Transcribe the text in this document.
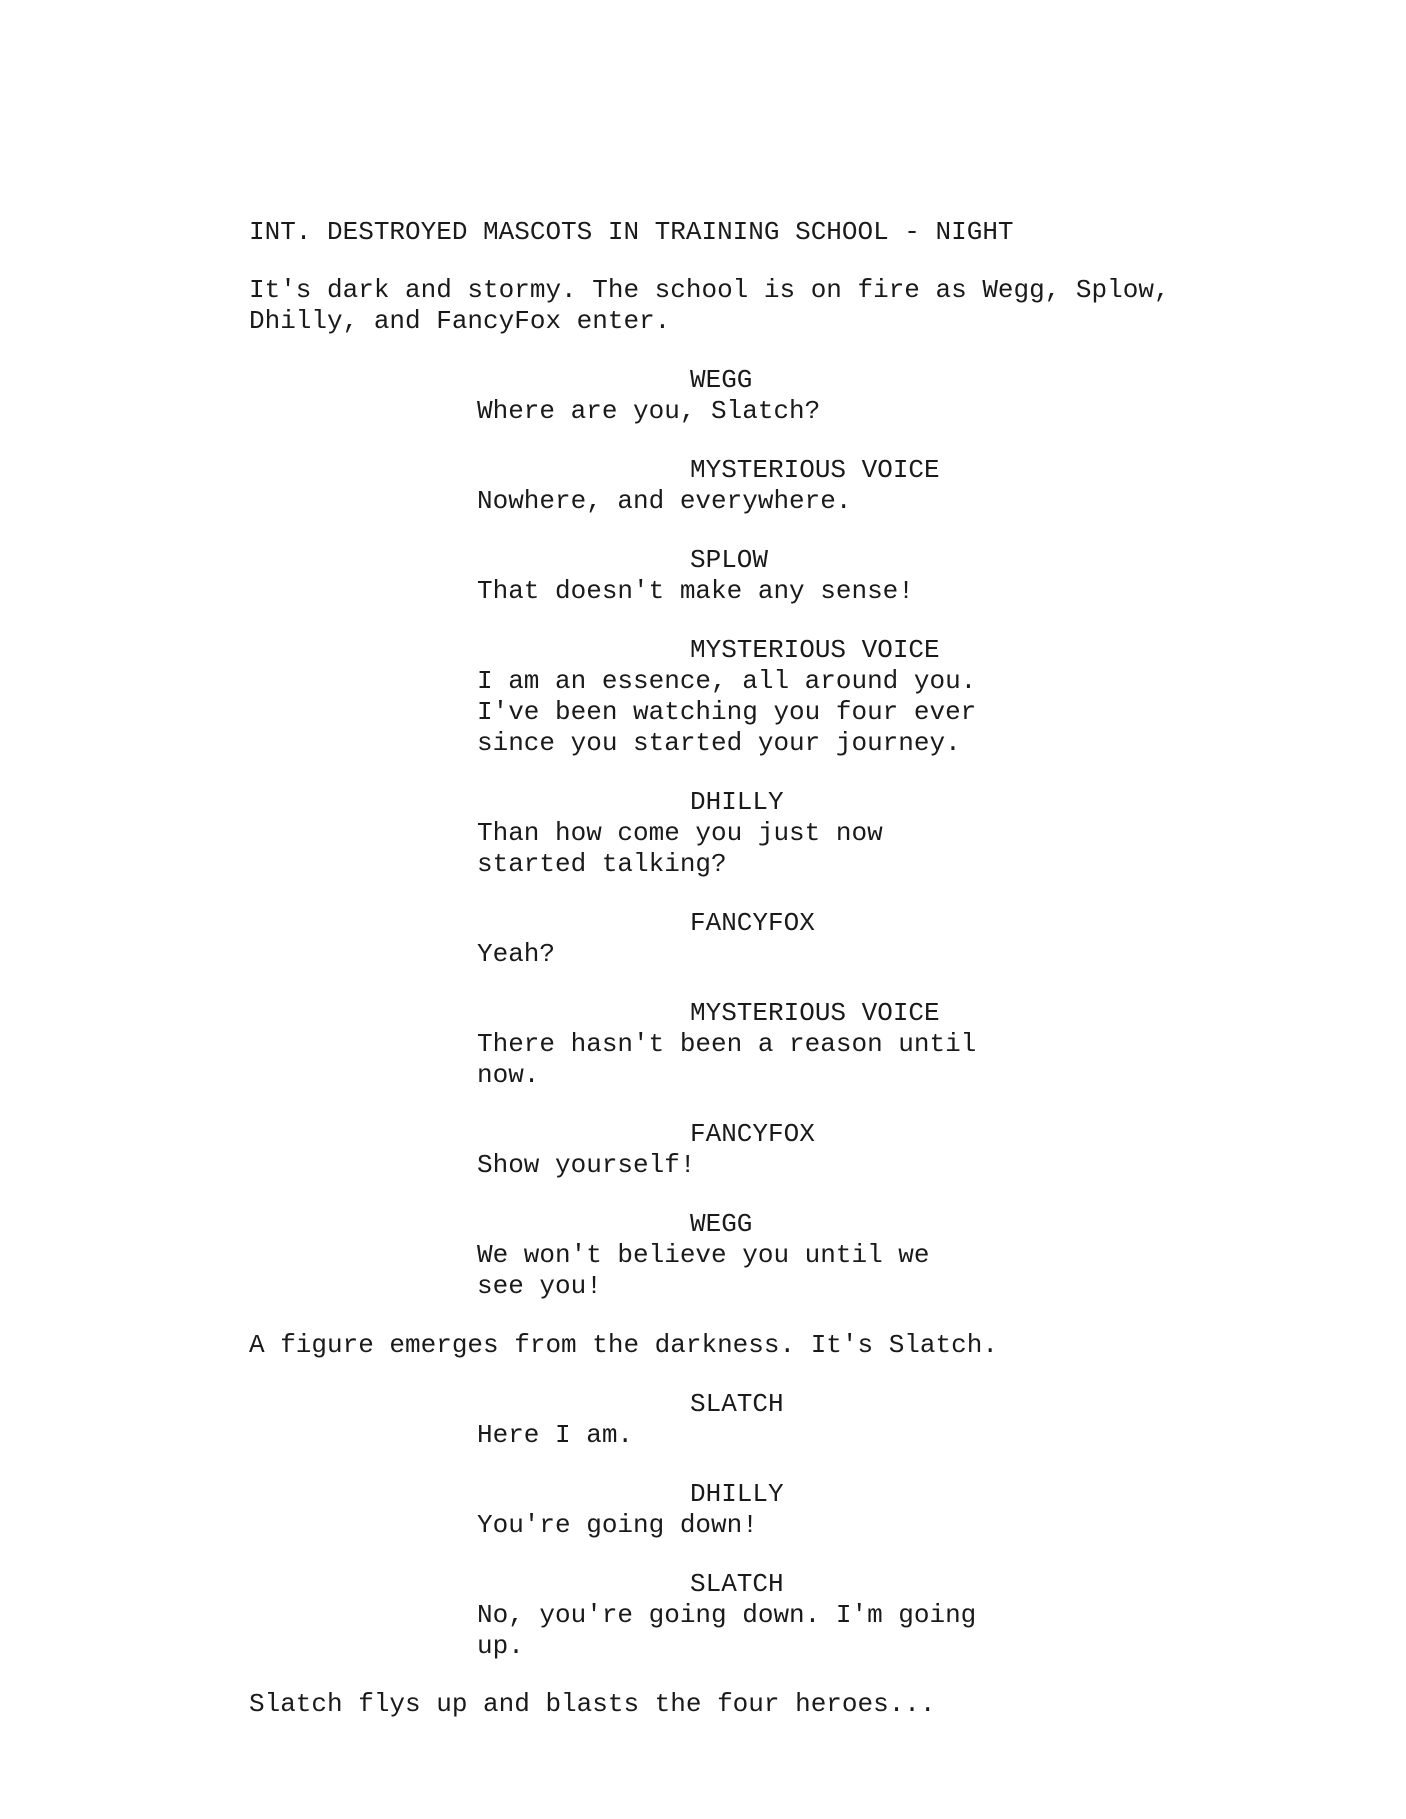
INT. DESTROYED MASCOTS IN TRAINING SCHOOL - NIGHT

It's dark and stormy. The school is on fire as Wegg, Splow,

Dhilly, and FancyFox enter.

WEGG

Where are you, Slatch?

MYSTERIOUS VOICE

Nowhere, and everywhere.

SPLOW

That doesn't make any sense!

MYSTERIOUS VOICE

I am an essence, all around you.

I've been watching you four ever

since you started your journey.

DHILLY

Than how come you just now

started talking?

FANCYFOX

Yeah?

MYSTERIOUS VOICE

There hasn't been a reason until

now.

FANCYFOX

Show yourself!

WEGG

We won't believe you until we

see you!

A figure emerges from the darkness. It's Slatch.

SLATCH

Here I am.

DHILLY

You're going down!

SLATCH

No, you're going down. I'm going

up.

Slatch flys up and blasts the four heroes...
